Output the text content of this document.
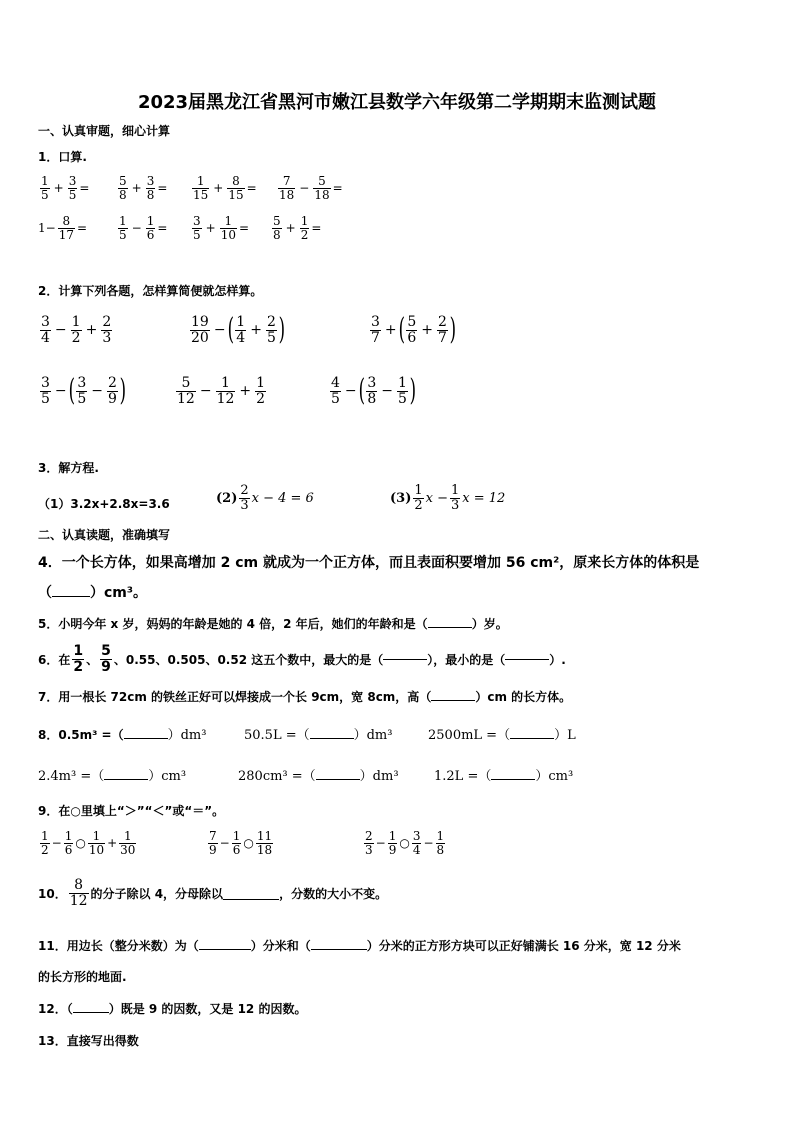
2023届黑龙江省黑河市嫩江县数学六年级第二学期期末监测试题
一、认真审题，细心计算
1．口算.
$\frac{1}{5} + \frac{3}{5} = \frac{5}{8} + \frac{3}{8} = \frac{1}{15} + \frac{8}{15} = \frac{7}{18} - \frac{5}{18}$ =
$1- \frac{8}{17}$ =	$\frac{1}{5} - \frac{1}{6} = \frac{3}{5} + \frac{1}{10} = \frac{5}{8} + \frac{1}{2}$ =
2．计算下列各题，怎样算简便就怎样算。
$\frac{3}{4} - \frac{1}{2} + \frac{2}{3}$	$\frac{19}{20}$ − ( $\frac{1}{4} + \frac{2}{5}$ )	$\frac{3}{7}$ + ( $\frac{5}{6} + \frac{2}{7}$ )
$\frac{3}{5}$ − ( $\frac{3}{5} - \frac{2}{9}$ )	$\frac{5}{12} - \frac{1}{12} + \frac{1}{2}$	$\frac{4}{5}$ − ( $\frac{3}{8} - \frac{1}{5}$ )
3．解方程.
（1）3.2x+2.8x=3.6	$(2) \frac{2}{3}$ x − 4 = 6	$(3) \frac{1}{2}$ $x - \frac{1}{3}$ x = 12
二、认真读题，准确填写
4．一个长方体，如果高增加 2 cm 就成为一个正方体，而且表面积要增加 56 cm²，原来长方体的体积是
（	）cm³。
5．小明今年 x 岁，妈妈的年龄是她的 4 倍，2 年后，她们的年龄和是（	）岁。
6．在 $\frac{1}{2}$ 、 $\frac{5}{9}$ 、0.55、0.505、0.52 这五个数中，最大的是（	），最小的是（	）.
7．用一根长 72cm 的铁丝正好可以焊接成一个长 9cm，宽 8cm，高（	）cm 的长方体。
8．0.5m³ =（	）dm³	50.5L =（	）dm³	2500mL =（	）L
2.4m³ =（	）cm³	280cm³ =（	）dm³	1.2L =（	）cm³
9．在○里填上“＞”“＜”或“＝”。
$\frac{1}{2} - \frac{1}{6}$ ○ $\frac{1}{10} + \frac{1}{30}$	$\frac{7}{9} - \frac{1}{6}$ ○ $\frac{11}{18}$	$\frac{2}{3} - \frac{1}{9}$ ○ $\frac{3}{4} - \frac{1}{8}$
10． $\frac{8}{12}$ 的分子除以 4，分母除以	，分数的大小不变。
11．用边长（整分米数）为（	）分米和（	）分米的正方形方块可以正好铺满长 16 分米，宽 12 分米
的长方形的地面.
12．（	）既是 9 的因数，又是 12 的因数。
13．直接写出得数
